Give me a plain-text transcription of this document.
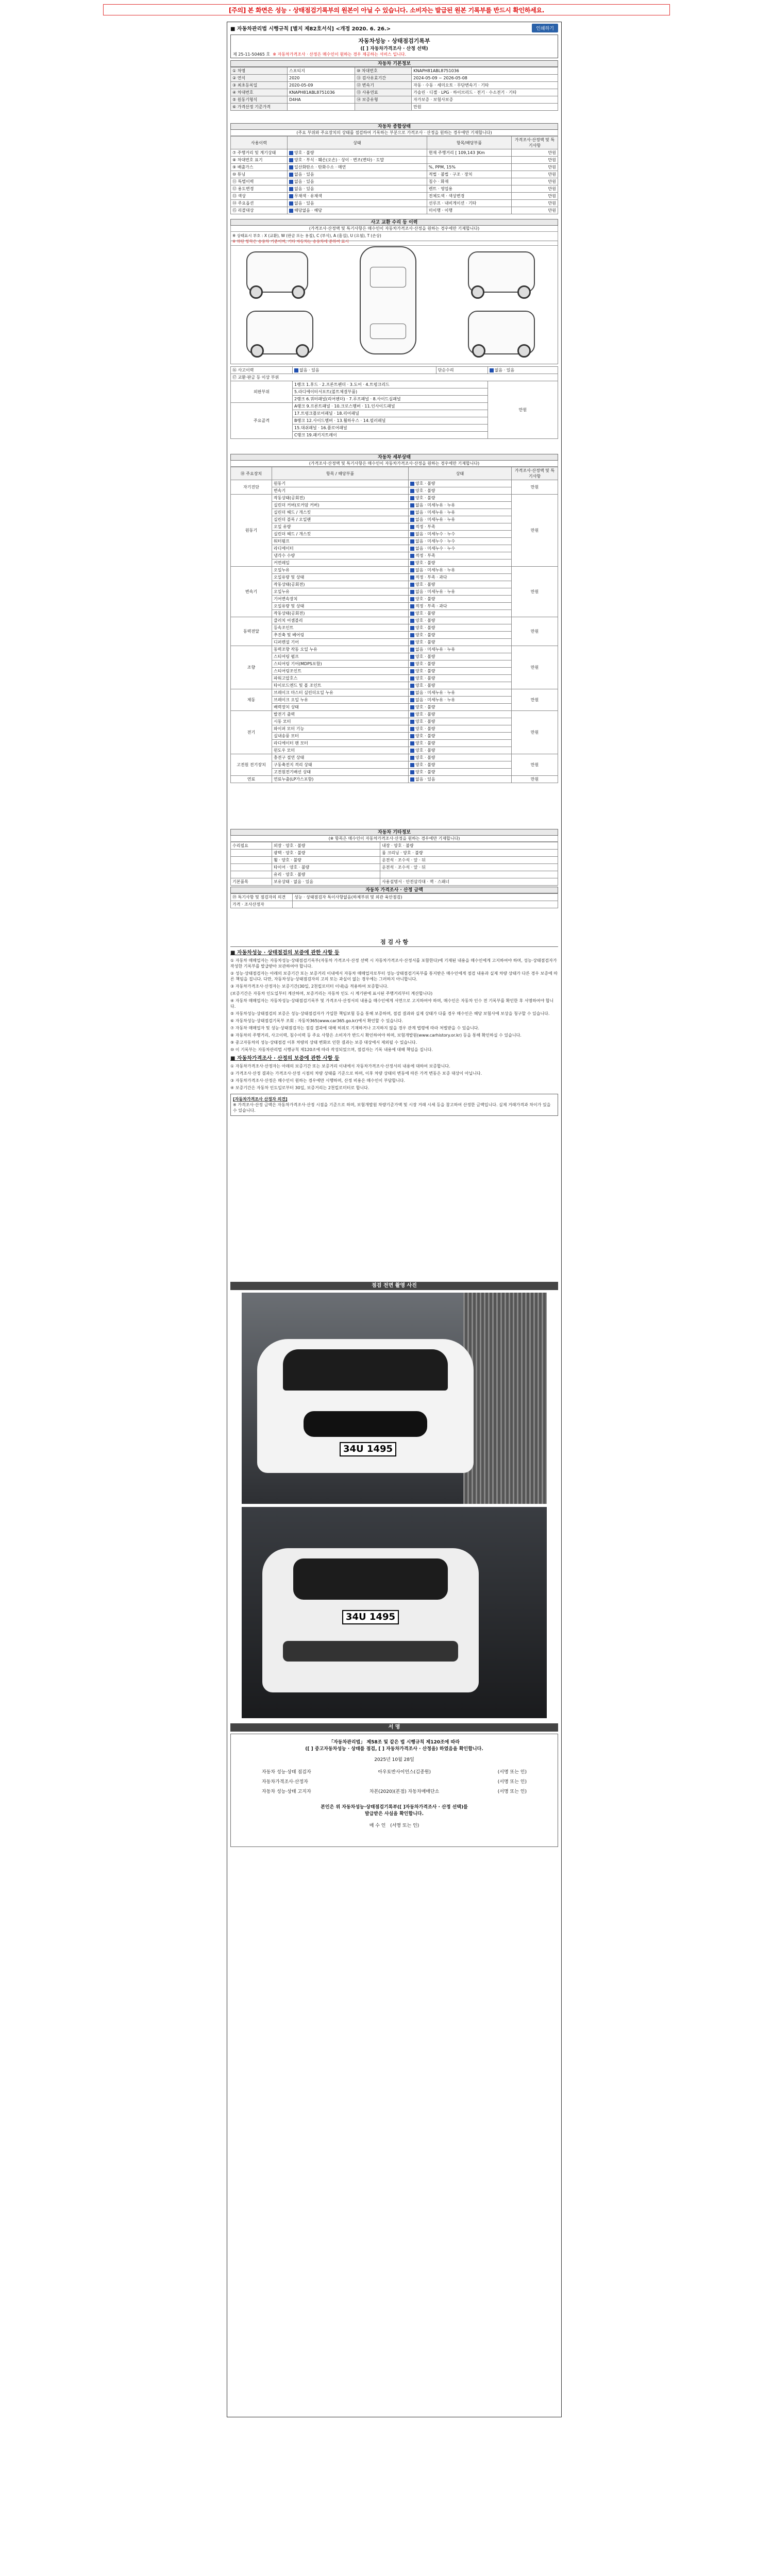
[주의] 본 화면은 성능 · 상태점검기록부의 원본이 아닐 수 있습니다. 소비자는 발급된 원본 기록부를 반드시 확인하세요.
■ 자동차관리법 시행규칙 [별지 제82호서식] <개정 2020. 6. 26.>	인쇄하기
자동차성능 · 상태점검기록부
([ ] 자동차가격조사 · 산정 선택)
제 25-11-50465 호 ※ 자동차가격조사 · 산정은 매수인이 원하는 경우 제공하는 서비스 입니다.
자동차 기본정보
① 차명	스포티지	⑩ 차대번호	KNAPH81ABL8751036
② 연식	2020	⑪ 검사유효기간	2024-05-09 ~ 2026-05-08
③ 최초등록일	2020-05-09	⑫ 변속기	자동 · 수동 · 세미오토 · 무단변속기 · 기타
④ 차대번호	KNAPH81ABL8751036	⑬ 사용연료	가솔린 · 디젤 · LPG · 하이브리드 · 전기 · 수소전기 · 기타
⑤ 원동기형식	D4HA	⑭ 보증유형	자가보증 · 보험사보증
⑥ 가격산정 기준가격			만원
자동차 종합상태
(주요 부위와 주요장치의 상태를 점검하여 기록하는 부분으로 가격조사 · 산정을 원하는 경우에만 기재합니다)
사용이력	상태	항목/해당부품	가격조사·산정액 및 특기사항
⑦ 주행거리 및 계기상태	양호 · 불량	현재 주행거리 [ 109,143 ]Km	만원
⑧ 차대번호 표기	양호 · 부식 · 훼손(오손) · 상이 · 변조(변타) · 도말		만원
⑨ 배출가스	일산화탄소 · 탄화수소 · 매연	%, PPM, 15%	만원
⑩ 튜닝	없음 · 있음	적법 · 불법 · 구조 · 장치	만원
⑪ 특별이력	없음 · 있음	침수 · 화재	만원
⑫ 용도변경	없음 · 있음	렌트 · 영업용	만원
⑬ 색상	무채색 · 유채색	전체도색 · 색상변경	만원
⑭ 주요옵션	없음 · 있음	선루프 · 내비게이션 · 기타	만원
⑮ 리콜대상	해당없음 · 해당	미이행 · 이행	만원
사고 교환 수리 등 이력
(가격조사·산정액 및 특기사항은 매수인이 자동차가격조사·산정을 원하는 경우에만 기재합니다)
※ 상태표시 부호 : X (교환), W (판금 또는 용접), C (부식), A (흠집), U (요철), T (손상)
※ 하단 항목은 승용차 기준이며, 기타 자동차는 승용차에 준하여 표시
⑯ 사고이력	없음 · 있음	단순수리	없음 · 있음
⑰ 교환·판금 등 이상 부위			
외판부위	1랭크 1.후드 · 2.프론트펜더 · 3.도어 · 4.트렁크리드		만원
	5.라디에이터서포트(볼트체결부품)		
	2랭크 6.쿼터패널(리어펜더) · 7.루프패널 · 8.사이드실패널		
주요골격	A랭크 9.프론트패널 · 10.크로스멤버 · 11.인사이드패널		
	17.트렁크플로어패널 · 18.리어패널		
	B랭크 12.사이드멤버 · 13.휠하우스 · 14.필러패널		
	15.대쉬패널 · 16.플로어패널		
	C랭크 19.패키지트레이		
자동차 세부상태
(가격조사·산정액 및 특기사항은 매수인이 자동차가격조사·산정을 원하는 경우에만 기재합니다)
⑱ 주요장치	항목 / 해당부품	상태	가격조사·산정액 및 특기사항
자기진단	원동기	양호 · 불량	만원
	변속기	양호 · 불량	
원동기	작동상태(공회전)	양호 · 불량	만원
	실린더 커버(로커암 커버)	없음 · 미세누유 · 누유	
	실린더 헤드 / 개스킷	없음 · 미세누유 · 누유	
	실린더 블록 / 오일팬	없음 · 미세누유 · 누유	
	오일 유량	적정 · 부족	
	실린더 헤드 / 개스킷	없음 · 미세누수 · 누수	
	워터펌프	없음 · 미세누수 · 누수	
	라디에이터	없음 · 미세누수 · 누수	
	냉각수 수량	적정 · 부족	
	커먼레일	양호 · 불량	
변속기	오일누유	없음 · 미세누유 · 누유	만원
	오일유량 및 상태	적정 · 부족 · 과다	
	작동상태(공회전)	양호 · 불량	
	오일누유	없음 · 미세누유 · 누유	
	기어변속장치	양호 · 불량	
	오일유량 및 상태	적정 · 부족 · 과다	
	작동상태(공회전)	양호 · 불량	
동력전달	클러치 어셈블리	양호 · 불량	만원
	등속조인트	양호 · 불량	
	추진축 및 베어링	양호 · 불량	
	디퍼렌셜 기어	양호 · 불량	
조향	동력조향 작동 오일 누유	없음 · 미세누유 · 누유	만원
	스티어링 펌프	양호 · 불량	
	스티어링 기어(MDPS포함)	양호 · 불량	
	스티어링조인트	양호 · 불량	
	파워고압호스	양호 · 불량	
	타이로드엔드 및 볼 조인트	양호 · 불량	
제동	브레이크 마스터 실린더오일 누유	없음 · 미세누유 · 누유	만원
	브레이크 오일 누유	없음 · 미세누유 · 누유	
	배력장치 상태	양호 · 불량	
전기	발전기 출력	양호 · 불량	만원
	시동 모터	양호 · 불량	
	와이퍼 모터 기능	양호 · 불량	
	실내송풍 모터	양호 · 불량	
	라디에이터 팬 모터	양호 · 불량	
	윈도우 모터	양호 · 불량	
고전원 전기장치	충전구 절연 상태	양호 · 불량	만원
	구동축전지 격리 상태	양호 · 불량	
	고전원전기배선 상태	양호 · 불량	
연료	연료누출(LP가스포함)	없음 · 있음	만원
자동차 기타정보
(※ 항목은 매수인이 자동차가격조사·산정을 원하는 경우에만 기재합니다)
수리필요	외장 · 양호 · 불량	내장 · 양호 · 불량
	광택 · 양호 · 불량	룸 크리닝 · 양호 · 불량
	휠 · 양호 · 불량	운전석 · 조수석 · 앞 · 뒤
	타이어 · 양호 · 불량	운전석 · 조수석 · 앞 · 뒤
	유리 · 양호 · 불량	
기본품목	보유상태 · 없음 · 있음	사용설명서 · 안전삼각대 · 잭 · 스패너
자동차 가격조사 · 산정 금액
⑲ 특기사항 및 점검자의 의견	성능 · 상태점검자 특이사항없음(하체부위 및 외관 육안점검)
가격 · 조사산정자	
점 검 사 항
■ 자동차성능 · 상태점검의 보증에 관한 사항 등

① 자동차 매매업자는 자동차성능·상태점검기록부(자동차 가격조사·산정 선택 시 자동차가격조사·산정서를 포함한다)에 기재된 내용을 매수인에게 고지하여야 하며, 성능·상태점검자가 작성한 기록부를 발급받아 보관하여야 합니다.

② 성능·상태점검자는 아래의 보증기간 또는 보증거리 이내에서 자동차 매매업자로부터 성능·상태점검기록부를 통지받은 매수인에게 점검 내용과 실제 차량 상태가 다른 경우 보증에 따른 책임을 집니다. 다만, 자동차성능·상태점검자의 고의 또는 과실이 없는 경우에는 그러하지 아니합니다.

③ 자동차가격조사·산정자는 보증기간(30일, 2천킬로미터 이내)을 적용하여 보증합니다.

(보증기간은 자동차 인도일부터 계산하며, 보증거리는 자동차 인도 시 계기판에 표시된 주행거리부터 계산합니다)

④ 자동차 매매업자는 자동차성능·상태점검기록부 및 가격조사·산정서의 내용을 매수인에게 서면으로 고지하여야 하며, 매수인은 자동차 인수 전 기록부를 확인한 후 서명하여야 합니다.

⑤ 자동차성능·상태점검의 보증은 성능·상태점검자가 가입한 책임보험 등을 통해 보증하며, 점검 결과와 실제 상태가 다를 경우 매수인은 해당 보험사에 보상을 청구할 수 있습니다.

⑥ 자동차성능·상태점검기록부 조회 : 자동차365(www.car365.go.kr)에서 확인할 수 있습니다.

⑦ 자동차 매매업자 및 성능·상태점검자는 점검 결과에 대해 허위로 기재하거나 고지하지 않을 경우 관계 법령에 따라 처벌받을 수 있습니다.

⑧ 자동차의 주행거리, 사고이력, 침수이력 등 주요 사항은 소비자가 반드시 확인하여야 하며, 보험개발원(www.carhistory.or.kr) 등을 통해 확인하실 수 있습니다.

⑨ 중고자동차의 성능·상태점검 이후 차량의 상태 변화로 인한 결과는 보증 대상에서 제외될 수 있습니다.

⑩ 이 기록부는 자동차관리법 시행규칙 제120조에 따라 작성되었으며, 점검자는 기록 내용에 대해 책임을 집니다.

■ 자동차가격조사 · 산정의 보증에 관한 사항 등

① 자동차가격조사·산정자는 아래의 보증기간 또는 보증거리 이내에서 자동차가격조사·산정서의 내용에 대하여 보증합니다.

② 가격조사·산정 결과는 가격조사·산정 시점의 차량 상태를 기준으로 하며, 이후 차량 상태의 변동에 따른 가격 변동은 보증 대상이 아닙니다.

③ 자동차가격조사·산정은 매수인이 원하는 경우에만 시행하며, 산정 비용은 매수인이 부담합니다.

④ 보증기간은 자동차 인도일로부터 30일, 보증거리는 2천킬로미터로 합니다.

[자동차가격조사 산정자 의견]
※ 가격조사·산정 금액은 자동차가격조사·산정 시점을 기준으로 하며, 보험개발원 차량기준가액 및 시장 거래 시세 등을 참고하여 산정한 금액입니다. 실제 거래가격과 차이가 있을 수 있습니다.
점검 전면 촬영 사진
34U 1495
34U 1495
서 명
「자동차관리법」 제58조 및 같은 법 시행규칙 제120조에 따라
([ ] 중고자동차성능 · 상태를 점검, [ ] 자동차가격조사 · 산정을) 하였음을 확인합니다.
2025년 10월 28일
자동차 성능·상태 점검자	아우토반사이언스(김종원)	(서명 또는 인)
자동차가격조사·산정자	(서명 또는 인)
자동차 성능·상태 고지자	차본(2020)(본점) 자동차매매단소	(서명 또는 인)
본인은 위 자동차성능·상태점검기록부([ ]자동차가격조사 · 산정 선택)를
발급받은 사실을 확인합니다.
매 수 인 (서명 또는 인)
